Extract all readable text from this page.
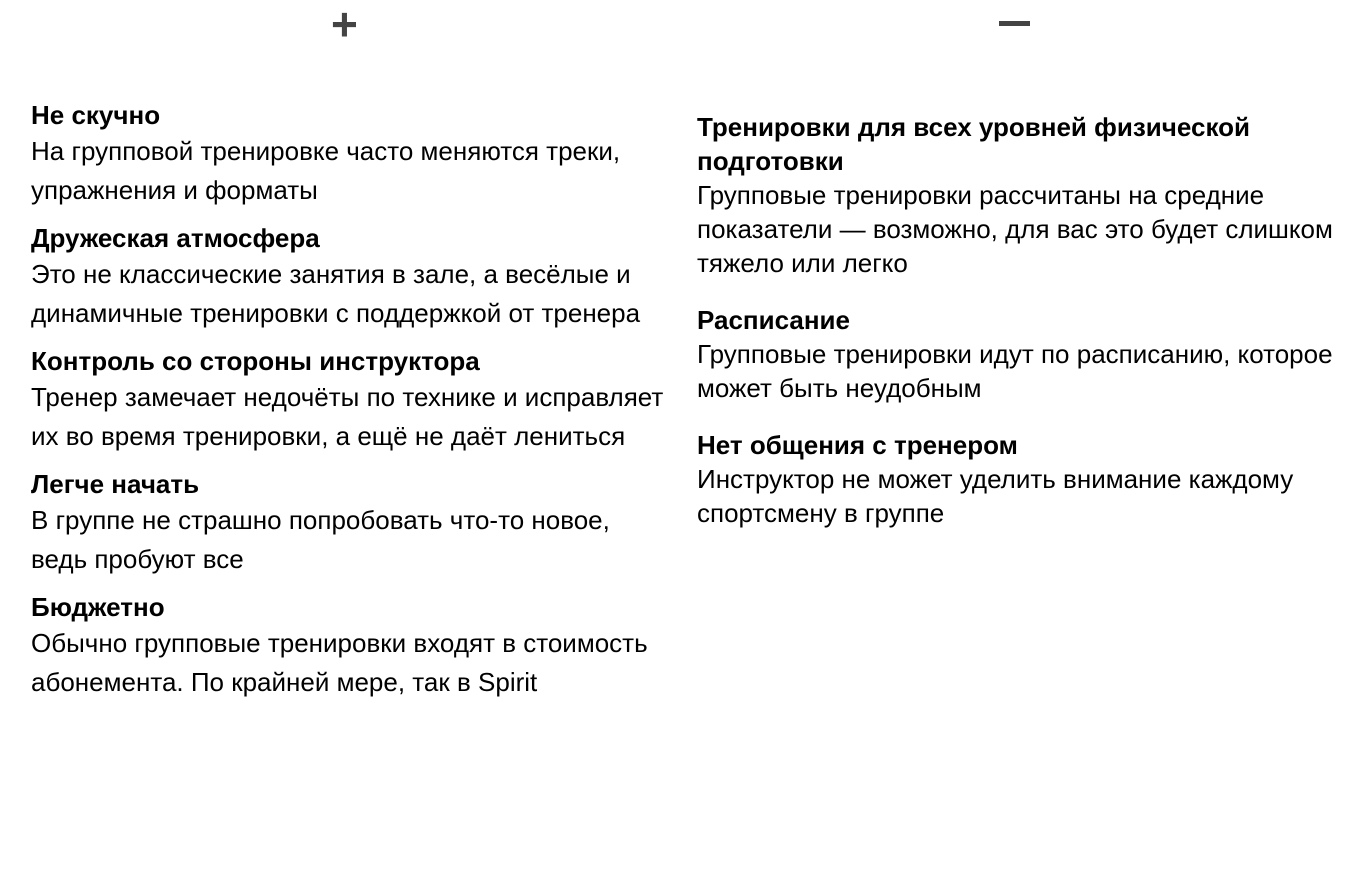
+

Не скучно

На групповой тренировке часто меняются треки, упражнения и форматы

Дружеская атмосфера

Это не классические занятия в зале, а весёлые и динамичные тренировки с поддержкой от тренера

Контроль со стороны инструктора

Тренер замечает недочёты по технике и исправляет их во время тренировки, а ещё не даёт лениться

Легче начать

В группе не страшно попробовать что-то новое, ведь пробуют все

Бюджетно

Обычно групповые тренировки входят в стоимость абонемента. По крайней мере, так в Spirit

Тренировки для всех уровней физической подготовки

Групповые тренировки рассчитаны на средние показатели — возможно, для вас это будет слишком тяжело или легко

Расписание

Групповые тренировки идут по расписанию, которое может быть неудобным

Нет общения с тренером

Инструктор не может уделить внимание каждому спортсмену в группе
